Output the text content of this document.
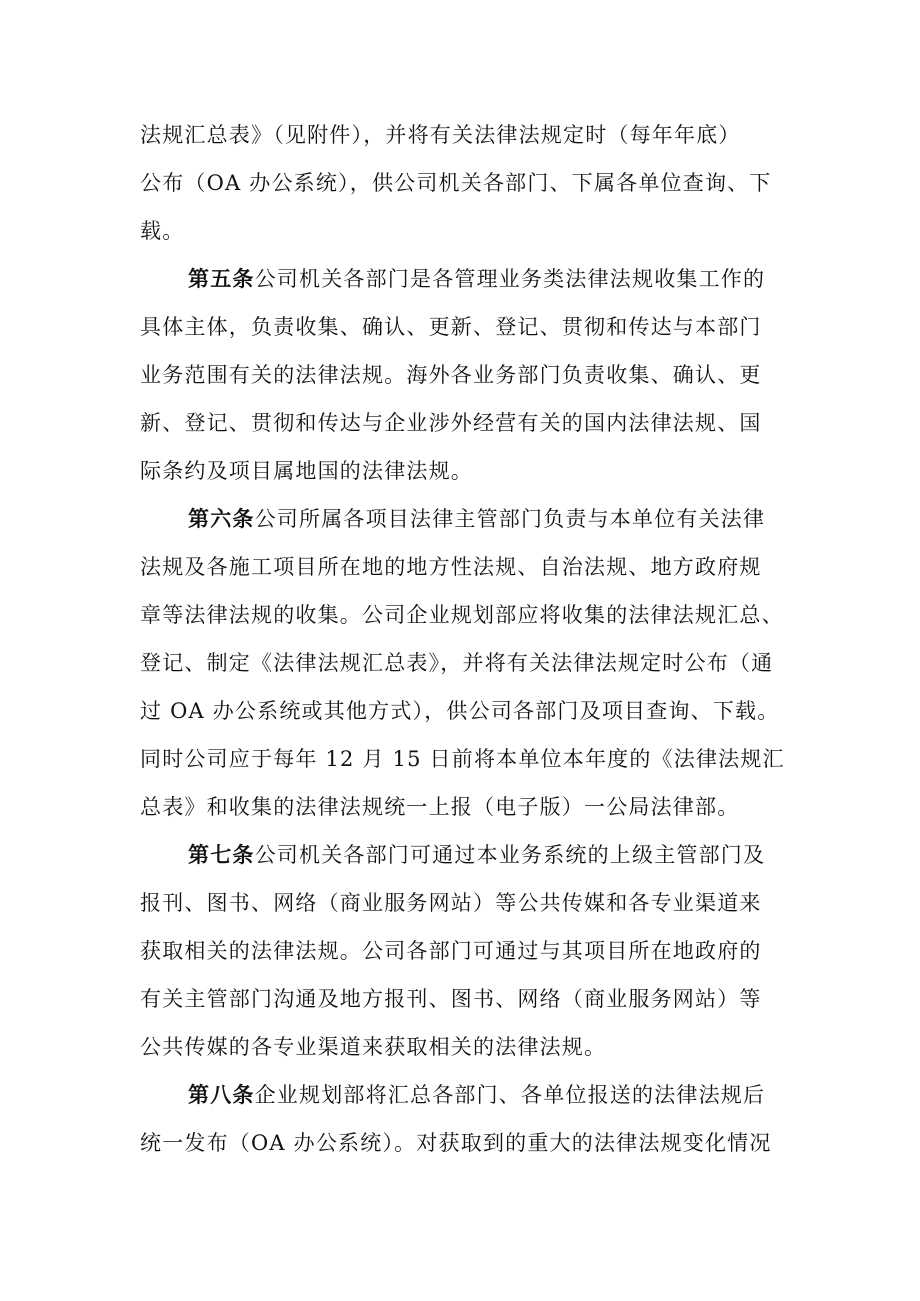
法规汇总表》（见附件），并将有关法律法规定时（每年年底）
公布（OA 办公系统），供公司机关各部门、下属各单位查询、下
载。
第五条公司机关各部门是各管理业务类法律法规收集工作的
具体主体，负责收集、确认、更新、登记、贯彻和传达与本部门
业务范围有关的法律法规。海外各业务部门负责收集、确认、更
新、登记、贯彻和传达与企业涉外经营有关的国内法律法规、国
际条约及项目属地国的法律法规。
第六条公司所属各项目法律主管部门负责与本单位有关法律
法规及各施工项目所在地的地方性法规、自治法规、地方政府规
章等法律法规的收集。公司企业规划部应将收集的法律法规汇总、
登记、制定《法律法规汇总表》，并将有关法律法规定时公布（通
过 OA 办公系统或其他方式），供公司各部门及项目查询、下载。
同时公司应于每年 12 月 15 日前将本单位本年度的《法律法规汇
总表》和收集的法律法规统一上报（电子版）一公局法律部。
第七条公司机关各部门可通过本业务系统的上级主管部门及
报刊、图书、网络（商业服务网站）等公共传媒和各专业渠道来
获取相关的法律法规。公司各部门可通过与其项目所在地政府的
有关主管部门沟通及地方报刊、图书、网络（商业服务网站）等
公共传媒的各专业渠道来获取相关的法律法规。
第八条企业规划部将汇总各部门、各单位报送的法律法规后
统一发布（OA 办公系统）。对获取到的重大的法律法规变化情况
